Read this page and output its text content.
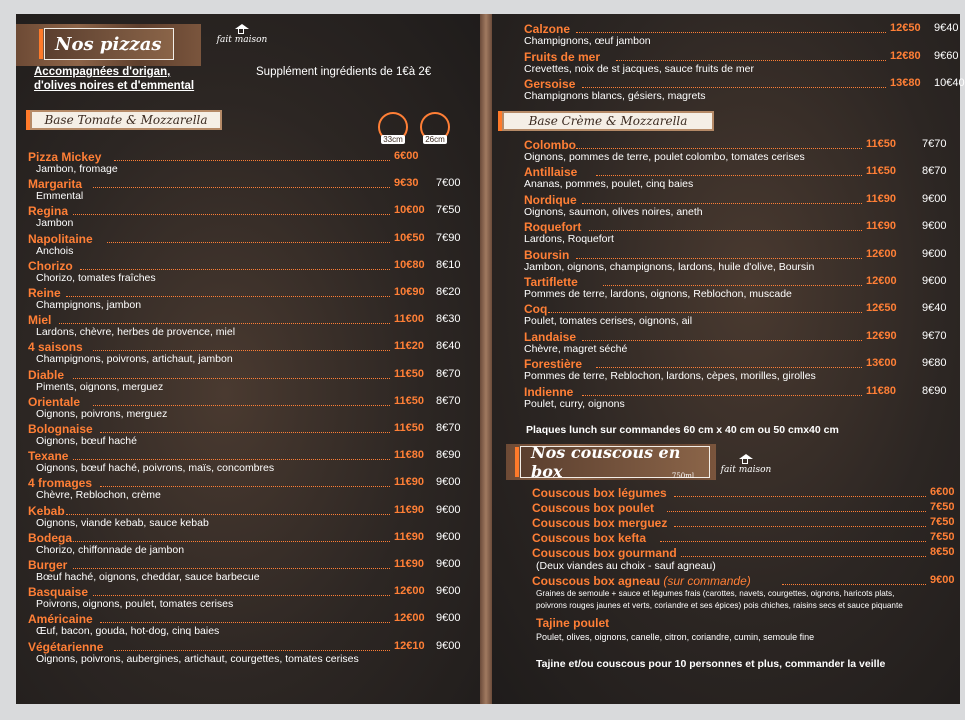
Nos pizzas	fait maison
Accompagnées d'origan,
d'olives noires et d'emmental
Supplément ingrédients de 1€à 2€
Base Tomate & Mozzarella
33cm	26cm
Pizza Mickey	6€00
Jambon, fromage
Margarita	9€30 7€00
Emmental
Regina	10€00 7€50
Jambon
Napolitaine	10€50 7€90
Anchois
Chorizo	10€80 8€10
Chorizo, tomates fraîches
Reine	10€90 8€20
Champignons, jambon
Miel	11€00 8€30
Lardons, chèvre, herbes de provence, miel
4 saisons	11€20 8€40
Champignons, poivrons, artichaut, jambon
Diable	11€50 8€70
Piments, oignons, merguez
Orientale	11€50 8€70
Oignons, poivrons, merguez
Bolognaise	11€50 8€70
Oignons, bœuf haché
Texane	11€80 8€90
Oignons, bœuf haché, poivrons, maïs, concombres
4 fromages	11€90 9€00
Chèvre, Reblochon, crème
Kebab	11€90 9€00
Oignons, viande kebab, sauce kebab
Bodega	11€90 9€00
Chorizo, chiffonnade de jambon
Burger	11€90 9€00
Bœuf haché, oignons, cheddar, sauce barbecue
Basquaise	12€00 9€00
Poivrons, oignons, poulet, tomates cerises
Américaine	12€00 9€00
Œuf, bacon, gouda, hot-dog, cinq baies
Végétarienne	12€10 9€00
Oignons, poivrons, aubergines, artichaut, courgettes, tomates cerises
Calzone	12€50 9€40
Champignons, œuf jambon
Fruits de mer	12€80 9€60
Crevettes, noix de st jacques, sauce fruits de mer
Gersoise	13€80 10€40
Champignons blancs, gésiers, magrets
Base Crème & Mozzarella
Colombo	11€50 7€70
Oignons, pommes de terre, poulet colombo, tomates cerises
Antillaise	11€50 8€70
Ananas, pommes, poulet, cinq baies
Nordique	11€90 9€00
Oignons, saumon, olives noires, aneth
Roquefort	11€90 9€00
Lardons, Roquefort
Boursin	12€00 9€00
Jambon, oignons, champignons, lardons, huile d'olive, Boursin
Tartiflette	12€00 9€00
Pommes de terre, lardons, oignons, Reblochon, muscade
Coq	12€50 9€40
Poulet, tomates cerises, oignons, ail
Landaise	12€90 9€70
Chèvre, magret séché
Forestière	13€00 9€80
Pommes de terre, Reblochon, lardons, cèpes, morilles, girolles
Indienne	11€80 8€90
Poulet, curry, oignons
Plaques lunch sur commandes 60 cm x 40 cm ou 50 cmx40 cm
Nos couscous en box	750ml
fait maison
Couscous box légumes	6€00
Couscous box poulet	7€50
Couscous box merguez	7€50
Couscous box kefta	7€50
Couscous box gourmand	8€50
(Deux viandes au choix - sauf agneau)
Couscous box agneau (sur commande)	9€00
Graines de semoule + sauce et légumes frais (carottes, navets, courgettes, oignons, haricots plats,
poivrons rouges jaunes et verts, coriandre et ses épices) pois chiches, raisins secs et sauce piquante
Tajine poulet
Poulet, olives, oignons, canelle, citron, coriandre, cumin, semoule fine
Tajine et/ou couscous pour 10 personnes et plus, commander la veille
